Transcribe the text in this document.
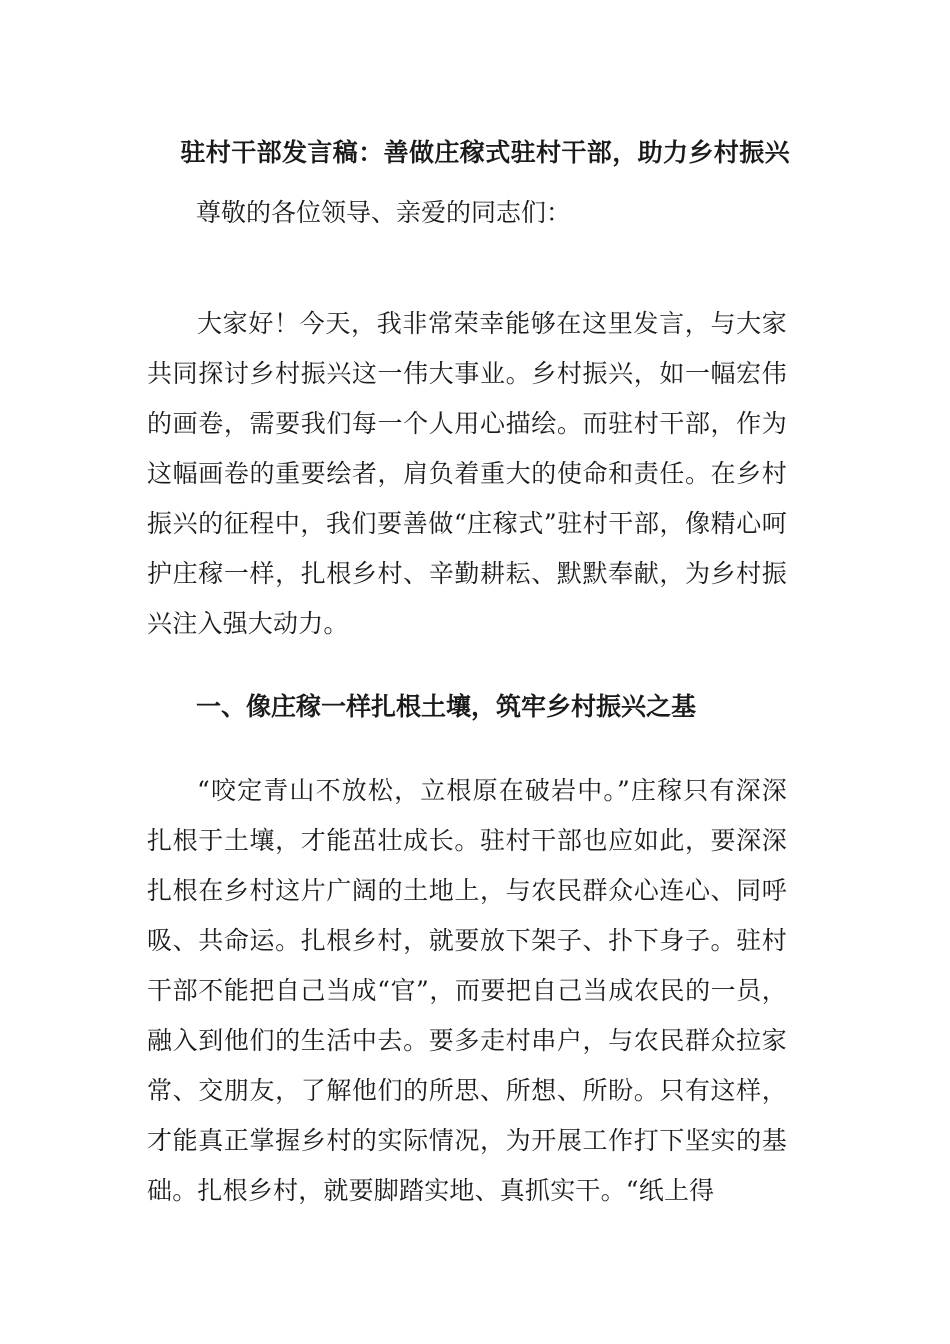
驻村干部发言稿：善做庄稼式驻村干部，助力乡村振兴

尊敬的各位领导、亲爱的同志们：

大家好！今天，我非常荣幸能够在这里发言，与大家共同探讨乡村振兴这一伟大事业。乡村振兴，如一幅宏伟的画卷，需要我们每一个人用心描绘。而驻村干部，作为这幅画卷的重要绘者，肩负着重大的使命和责任。在乡村振兴的征程中，我们要善做“庄稼式”驻村干部，像精心呵护庄稼一样，扎根乡村、辛勤耕耘、默默奉献，为乡村振兴注入强大动力。

一、像庄稼一样扎根土壤，筑牢乡村振兴之基

“咬定青山不放松，立根原在破岩中。”庄稼只有深深扎根于土壤，才能茁壮成长。驻村干部也应如此，要深深扎根在乡村这片广阔的土地上，与农民群众心连心、同呼吸、共命运。扎根乡村，就要放下架子、扑下身子。驻村干部不能把自己当成“官”，而要把自己当成农民的一员，融入到他们的生活中去。要多走村串户，与农民群众拉家常、交朋友，了解他们的所思、所想、所盼。只有这样，才能真正掌握乡村的实际情况，为开展工作打下坚实的基础。扎根乡村，就要脚踏实地、真抓实干。“纸上得
